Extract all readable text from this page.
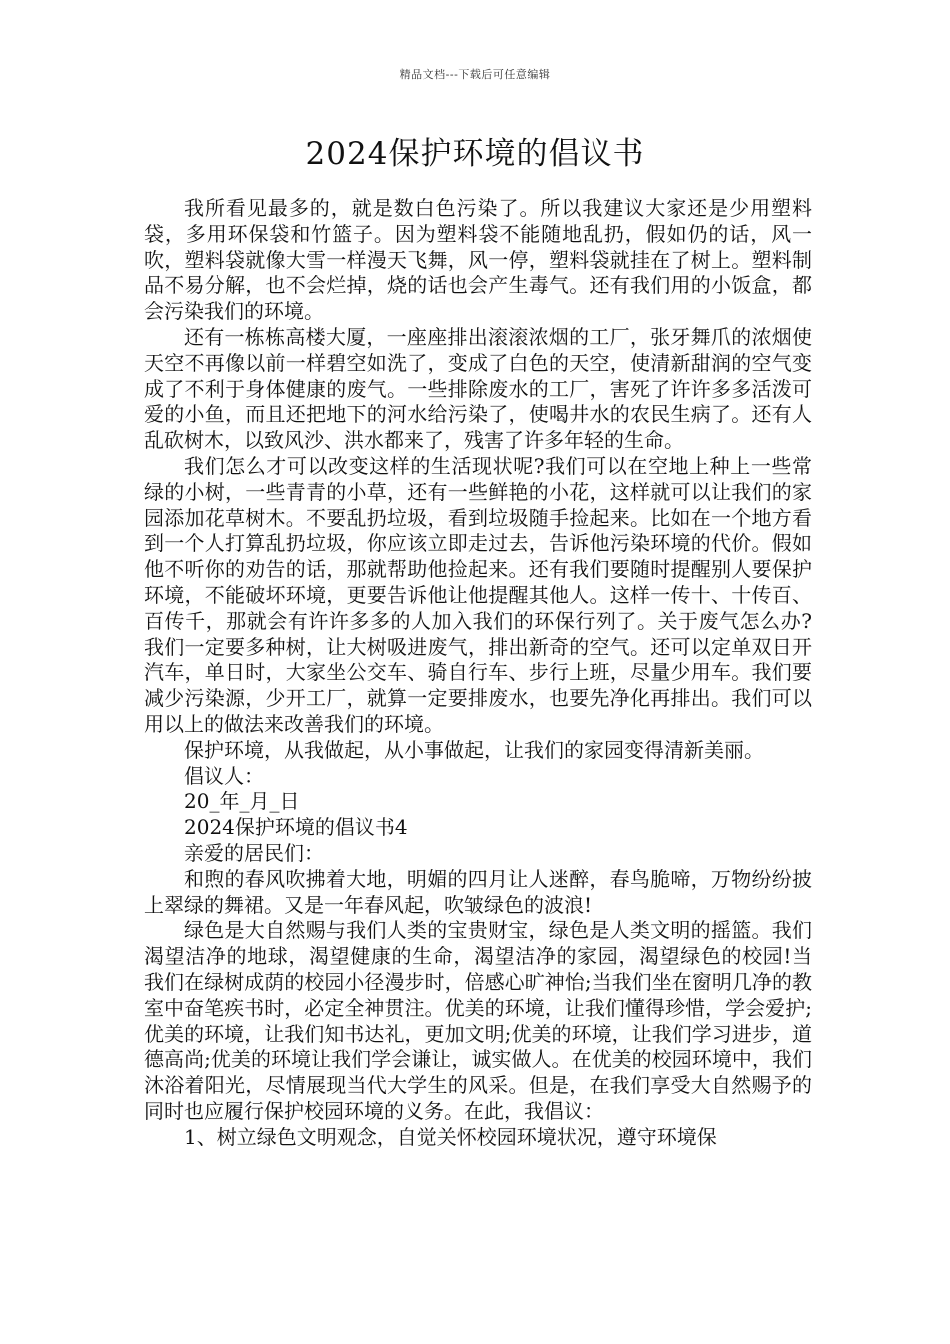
精品文档---下载后可任意编辑
2024保护环境的倡议书

我所看见最多的，就是数白色污染了。所以我建议大家还是少用塑料袋，多用环保袋和竹篮子。因为塑料袋不能随地乱扔，假如仍的话，风一吹，塑料袋就像大雪一样漫天飞舞，风一停，塑料袋就挂在了树上。塑料制品不易分解，也不会烂掉，烧的话也会产生毒气。还有我们用的小饭盒，都会污染我们的环境。

还有一栋栋高楼大厦，一座座排出滚滚浓烟的工厂，张牙舞爪的浓烟使天空不再像以前一样碧空如洗了，变成了白色的天空，使清新甜润的空气变成了不利于身体健康的废气。一些排除废水的工厂，害死了许许多多活泼可爱的小鱼，而且还把地下的河水给污染了，使喝井水的农民生病了。还有人乱砍树木，以致风沙、洪水都来了，残害了许多年轻的生命。

我们怎么才可以改变这样的生活现状呢?我们可以在空地上种上一些常绿的小树，一些青青的小草，还有一些鲜艳的小花，这样就可以让我们的家园添加花草树木。不要乱扔垃圾，看到垃圾随手捡起来。比如在一个地方看到一个人打算乱扔垃圾，你应该立即走过去，告诉他污染环境的代价。假如他不听你的劝告的话，那就帮助他捡起来。还有我们要随时提醒别人要保护环境，不能破坏环境，更要告诉他让他提醒其他人。这样一传十、十传百、百传千，那就会有许许多多的人加入我们的环保行列了。关于废气怎么办?我们一定要多种树，让大树吸进废气，排出新奇的空气。还可以定单双日开汽车，单日时，大家坐公交车、骑自行车、步行上班，尽量少用车。我们要减少污染源，少开工厂，就算一定要排废水，也要先净化再排出。我们可以用以上的做法来改善我们的环境。

保护环境，从我做起，从小事做起，让我们的家园变得清新美丽。

倡议人：

20_年_月_日

2024保护环境的倡议书4

亲爱的居民们：

和煦的春风吹拂着大地，明媚的四月让人迷醉，春鸟脆啼，万物纷纷披上翠绿的舞裙。又是一年春风起，吹皱绿色的波浪!

绿色是大自然赐与我们人类的宝贵财宝，绿色是人类文明的摇篮。我们渴望洁净的地球，渴望健康的生命，渴望洁净的家园，渴望绿色的校园!当我们在绿树成荫的校园小径漫步时，倍感心旷神怡;当我们坐在窗明几净的教室中奋笔疾书时，必定全神贯注。优美的环境，让我们懂得珍惜，学会爱护;优美的环境，让我们知书达礼，更加文明;优美的环境，让我们学习进步，道德高尚;优美的环境让我们学会谦让，诚实做人。在优美的校园环境中，我们沐浴着阳光，尽情展现当代大学生的风采。但是，在我们享受大自然赐予的同时也应履行保护校园环境的义务。在此，我倡议：

1、树立绿色文明观念，自觉关怀校园环境状况，遵守环境保
